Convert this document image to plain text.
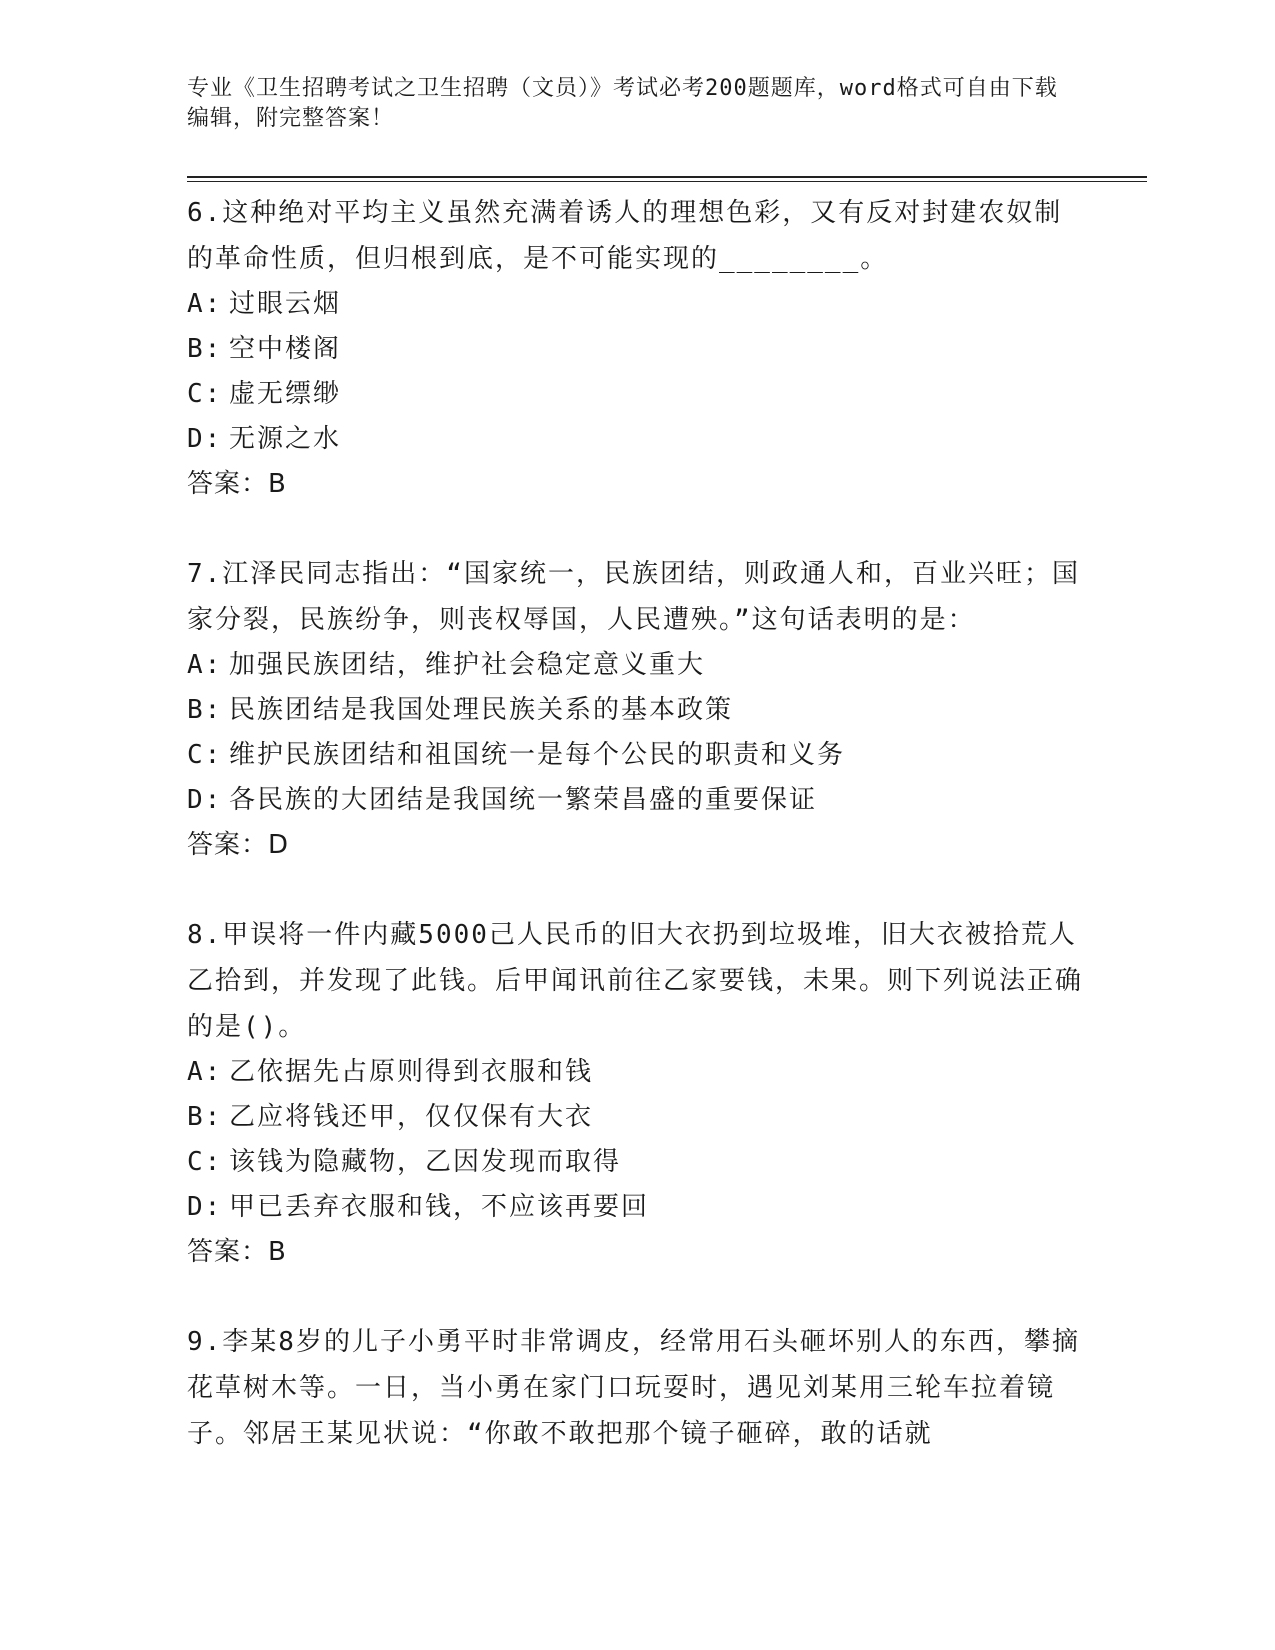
专业《卫生招聘考试之卫生招聘（文员）》考试必考200题题库，word格式可自由下载编辑，附完整答案！

6.这种绝对平均主义虽然充满着诱人的理想色彩，又有反对封建农奴制的革命性质，但归根到底，是不可能实现的________。

A: 过眼云烟

B: 空中楼阁

C: 虚无缥缈

D: 无源之水

答案：B

7.江泽民同志指出：“国家统一，民族团结，则政通人和，百业兴旺；国家分裂，民族纷争，则丧权辱国，人民遭殃。”这句话表明的是：

A: 加强民族团结，维护社会稳定意义重大

B: 民族团结是我国处理民族关系的基本政策

C: 维护民族团结和祖国统一是每个公民的职责和义务

D: 各民族的大团结是我国统一繁荣昌盛的重要保证

答案：D

8.甲误将一件内藏5000己人民币的旧大衣扔到垃圾堆，旧大衣被拾荒人乙拾到，并发现了此钱。后甲闻讯前往乙家要钱，未果。则下列说法正确的是()。

A: 乙依据先占原则得到衣服和钱

B: 乙应将钱还甲，仅仅保有大衣

C: 该钱为隐藏物，乙因发现而取得

D: 甲已丢弃衣服和钱，不应该再要回

答案：B

9.李某8岁的儿子小勇平时非常调皮，经常用石头砸坏别人的东西，攀摘花草树木等。一日，当小勇在家门口玩耍时，遇见刘某用三轮车拉着镜子。邻居王某见状说：“你敢不敢把那个镜子砸碎，敢的话就
